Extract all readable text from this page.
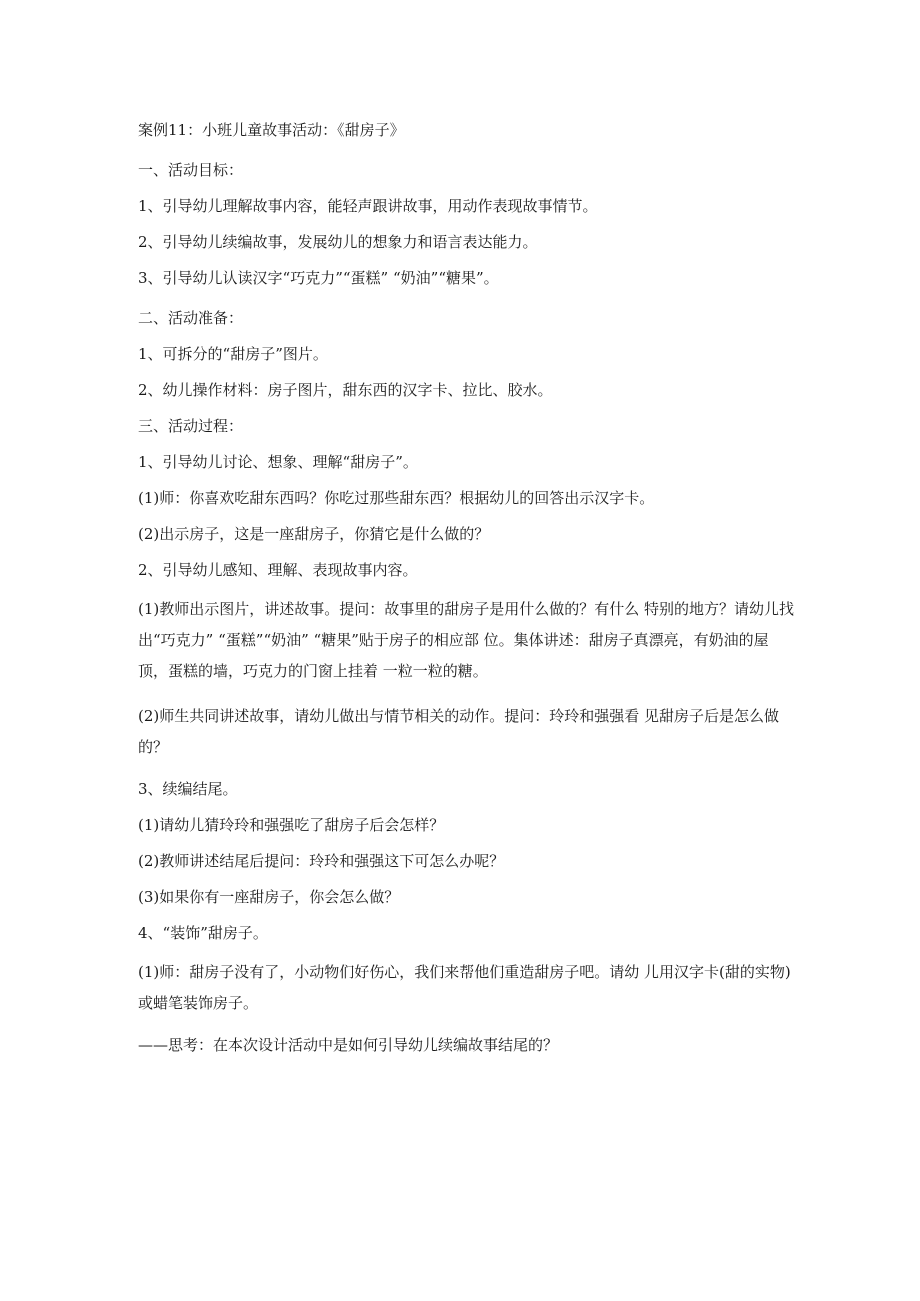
案例11：小班儿童故事活动：《甜房子》

一、活动目标：

1、引导幼儿理解故事内容，能轻声跟讲故事，用动作表现故事情节。

2、引导幼儿续编故事，发展幼儿的想象力和语言表达能力。

3、引导幼儿认读汉字“巧克力”“蛋糕” “奶油”“糖果”。

二、活动准备：

1、可拆分的“甜房子”图片。

2、幼儿操作材料：房子图片，甜东西的汉字卡、拉比、胶水。

三、活动过程：

1、引导幼儿讨论、想象、理解“甜房子”。

(1)师：你喜欢吃甜东西吗？你吃过那些甜东西？根据幼儿的回答出示汉字卡。

(2)出示房子，这是一座甜房子，你猜它是什么做的？

2、引导幼儿感知、理解、表现故事内容。

(1)教师出示图片，讲述故事。提问：故事里的甜房子是用什么做的？有什么 特别的地方？请幼儿找出“巧克力” “蛋糕”“奶油” “糖果”贴于房子的相应部 位。集体讲述：甜房子真漂亮，有奶油的屋顶，蛋糕的墙，巧克力的门窗上挂着 一粒一粒的糖。

(2)师生共同讲述故事，请幼儿做出与情节相关的动作。提问：玲玲和强强看 见甜房子后是怎么做的？

3、续编结尾。

(1)请幼儿猜玲玲和强强吃了甜房子后会怎样？

(2)教师讲述结尾后提问：玲玲和强强这下可怎么办呢？

(3)如果你有一座甜房子，你会怎么做？

4、“装饰”甜房子。

(1)师：甜房子没有了，小动物们好伤心，我们来帮他们重造甜房子吧。请幼 儿用汉字卡(甜的实物)或蜡笔装饰房子。

——思考：在本次设计活动中是如何引导幼儿续编故事结尾的？
